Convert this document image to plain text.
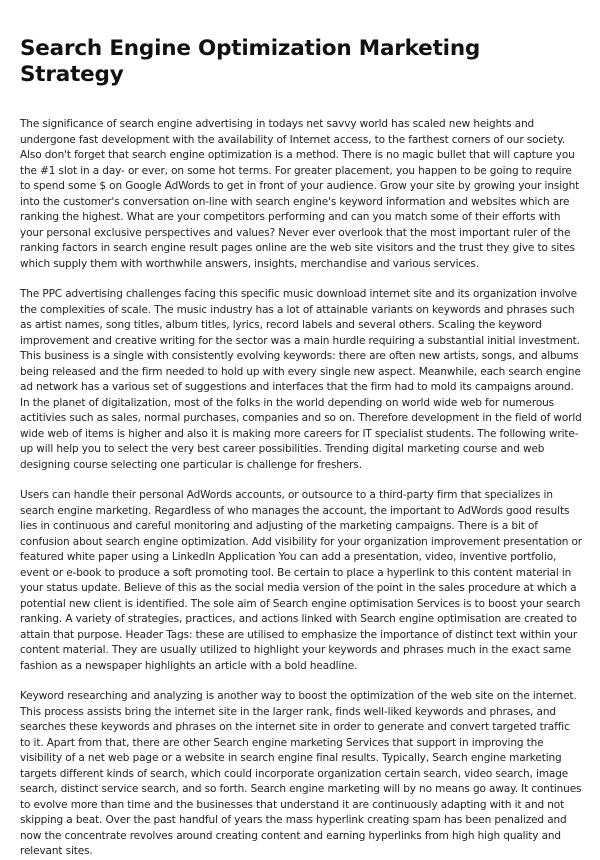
Search Engine Optimization Marketing Strategy

The significance of search engine advertising in todays net savvy world has scaled new heights and undergone fast development with the availability of Internet access, to the farthest corners of our society. Also don't forget that search engine optimization is a method. There is no magic bullet that will capture you the #1 slot in a day- or ever, on some hot terms. For greater placement, you happen to be going to require to spend some $ on Google AdWords to get in front of your audience. Grow your site by growing your insight into the customer's conversation on-line with search engine's keyword information and websites which are ranking the highest. What are your competitors performing and can you match some of their efforts with your personal exclusive perspectives and values? Never ever overlook that the most important ruler of the ranking factors in search engine result pages online are the web site visitors and the trust they give to sites which supply them with worthwhile answers, insights, merchandise and various services.

The PPC advertising challenges facing this specific music download internet site and its organization involve the complexities of scale. The music industry has a lot of attainable variants on keywords and phrases such as artist names, song titles, album titles, lyrics, record labels and several others. Scaling the keyword improvement and creative writing for the sector was a main hurdle requiring a substantial initial investment. This business is a single with consistently evolving keywords: there are often new artists, songs, and albums being released and the firm needed to hold up with every single new aspect. Meanwhile, each search engine ad network has a various set of suggestions and interfaces that the firm had to mold its campaigns around. In the planet of digitalization, most of the folks in the world depending on world wide web for numerous actitivies such as sales, normal purchases, companies and so on. Therefore development in the field of world wide web of items is higher and also it is making more careers for IT specialist students. The following write-up will help you to select the very best career possibilities. Trending digital marketing course and web designing course selecting one particular is challenge for freshers.

Users can handle their personal AdWords accounts, or outsource to a third-party firm that specializes in search engine marketing. Regardless of who manages the account, the important to AdWords good results lies in continuous and careful monitoring and adjusting of the marketing campaigns. There is a bit of confusion about search engine optimization. Add visibility for your organization improvement presentation or featured white paper using a LinkedIn Application You can add a presentation, video, inventive portfolio, event or e-book to produce a soft promoting tool. Be certain to place a hyperlink to this content material in your status update. Believe of this as the social media version of the point in the sales procedure at which a potential new client is identified. The sole aim of Search engine optimisation Services is to boost your search ranking. A variety of strategies, practices, and actions linked with Search engine optimisation are created to attain that purpose. Header Tags: these are utilised to emphasize the importance of distinct text within your content material. They are usually utilized to highlight your keywords and phrases much in the exact same fashion as a newspaper highlights an article with a bold headline.

Keyword researching and analyzing is another way to boost the optimization of the web site on the internet. This process assists bring the internet site in the larger rank, finds well-liked keywords and phrases, and searches these keywords and phrases on the internet site in order to generate and convert targeted traffic to it. Apart from that, there are other Search engine marketing Services that support in improving the visibility of a net web page or a website in search engine final results. Typically, Search engine marketing targets different kinds of search, which could incorporate organization certain search, video search, image search, distinct service search, and so forth. Search engine marketing will by no means go away. It continues to evolve more than time and the businesses that understand it are continuously adapting with it and not skipping a beat. Over the past handful of years the mass hyperlink creating spam has been penalized and now the concentrate revolves around creating content and earning hyperlinks from high high quality and relevant sites.
